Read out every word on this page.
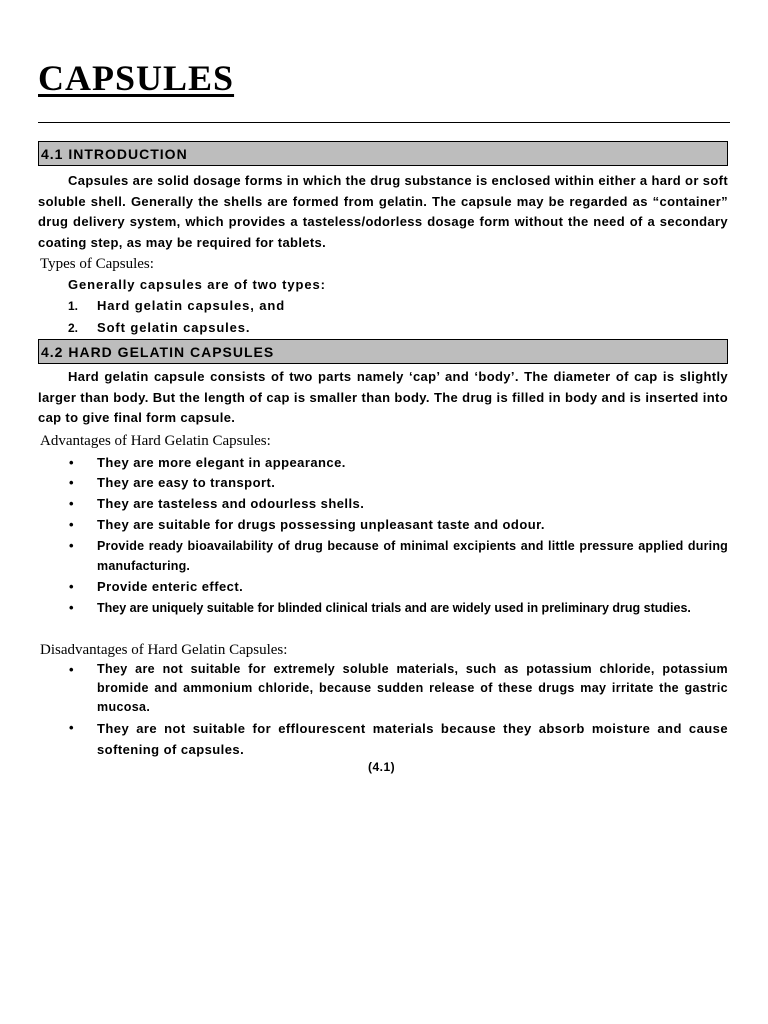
CAPSULES
4.1 INTRODUCTION
Capsules are solid dosage forms in which the drug substance is enclosed within either a hard or soft soluble shell. Generally the shells are formed from gelatin. The capsule may be regarded as “container” drug delivery system, which provides a tasteless/odorless dosage form without the need of a secondary coating step, as may be required for tablets.
Types of Capsules:
Generally capsules are of two types:
1. Hard gelatin capsules, and
2. Soft gelatin capsules.
4.2 HARD GELATIN CAPSULES
Hard gelatin capsule consists of two parts namely ‘cap’ and ‘body’. The diameter of cap is slightly larger than body. But the length of cap is smaller than body. The drug is filled in body and is inserted into cap to give final form capsule.
Advantages of Hard Gelatin Capsules:
• They are more elegant in appearance.
• They are easy to transport.
• They are tasteless and odourless shells.
• They are suitable for drugs possessing unpleasant taste and odour.
• Provide ready bioavailability of drug because of minimal excipients and little pressure applied during manufacturing.
• Provide enteric effect.
• They are uniquely suitable for blinded clinical trials and are widely used in preliminary drug studies.
Disadvantages of Hard Gelatin Capsules:
• They are not suitable for extremely soluble materials, such as potassium chloride, potassium bromide and ammonium chloride, because sudden release of these drugs may irritate the gastric mucosa.
• They are not suitable for efflourescent materials because they absorb moisture and cause softening of capsules.
(4.1)
